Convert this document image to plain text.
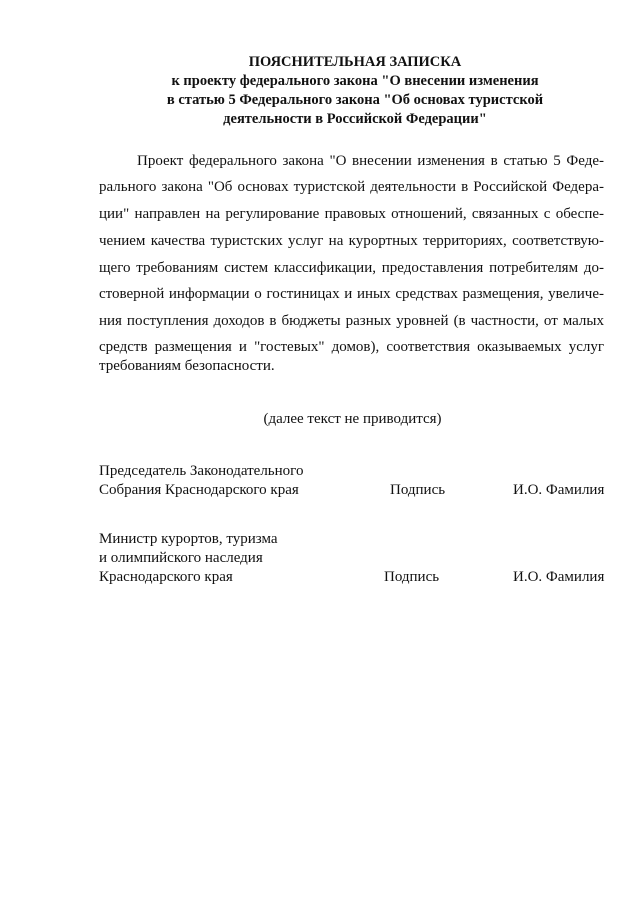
ПОЯСНИТЕЛЬНАЯ ЗАПИСКА
к проекту федерального закона "О внесении изменения
в статью 5 Федерального закона "Об основах туристской
деятельности в Российской Федерации"
Проект федерального закона "О внесении изменения в статью 5 Феде-
рального закона "Об основах туристской деятельности в Российской Федера-
ции" направлен на регулирование правовых отношений, связанных с обеспе-
чением качества туристских услуг на курортных территориях, соответствую-
щего требованиям систем классификации, предоставления потребителям до-
стоверной информации о гостиницах и иных средствах размещения, увеличе-
ния поступления доходов в бюджеты разных уровней (в частности, от малых
средств размещения и "гостевых" домов), соответствия оказываемых услуг
требованиям безопасности.
(далее текст не приводится)
Председатель Законодательного
Собрания Краснодарского края	Подпись	И.О. Фамилия
Министр курортов, туризма
и олимпийского наследия
Краснодарского края	Подпись	И.О. Фамилия
